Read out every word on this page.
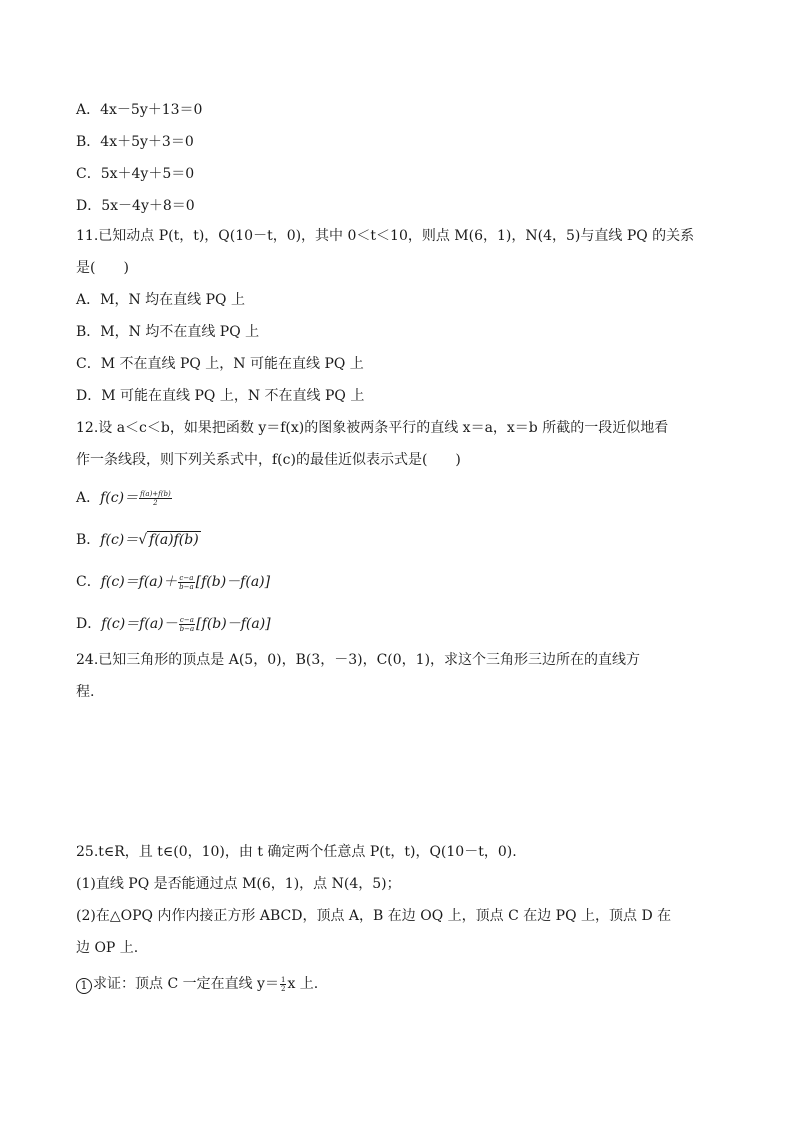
A．4x－5y＋13＝0
B．4x＋5y＋3＝0
C．5x＋4y＋5＝0
D．5x－4y＋8＝0
11.已知动点 P(t，t)，Q(10－t，0)，其中 0＜t＜10，则点 M(6，1)，N(4，5)与直线 PQ 的关系
是(　　)
A．M，N 均在直线 PQ 上
B．M，N 均不在直线 PQ 上
C．M 不在直线 PQ 上，N 可能在直线 PQ 上
D．M 可能在直线 PQ 上，N 不在直线 PQ 上
12.设 a＜c＜b，如果把函数 y＝f(x)的图象被两条平行的直线 x＝a，x＝b 所截的一段近似地看
作一条线段，则下列关系式中，f(c)的最佳近似表示式是(　　)
A．$f(c)= \frac{f(a)+f(b)}{2}$
B．f(c)＝√ f(a)f(b)
C．$f(c)=f(a)+ \frac{c-a}{b-a} [f(b)-f(a)]$
D．$f(c)=f(a)- \frac{c-a}{b-a} [f(b)-f(a)]$
24.已知三角形的顶点是 A(5，0)，B(3，－3)，C(0，1)，求这个三角形三边所在的直线方
程.
25.t∈R，且 t∈(0，10)，由 t 确定两个任意点 P(t，t)，Q(10－t，0).
(1)直线 PQ 是否能通过点 M(6，1)，点 N(4，5)；
(2)在△OPQ 内作内接正方形 ABCD，顶点 A，B 在边 OQ 上，顶点 C 在边 PQ 上，顶点 D 在
边 OP 上.
1 求证：顶点 C 一定在直线 $y= \frac{1}{2}$ x 上.
